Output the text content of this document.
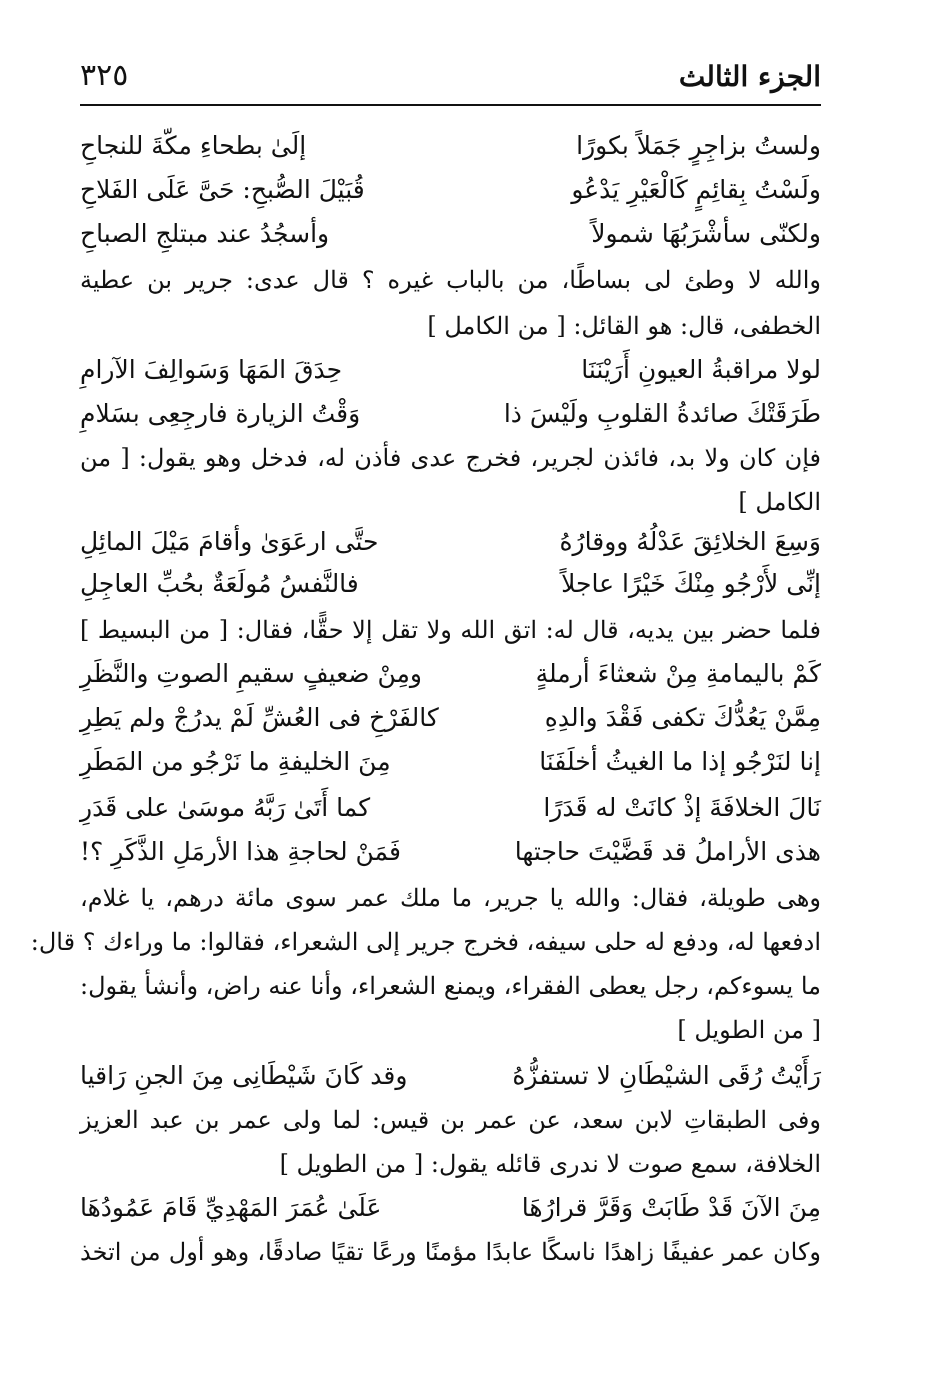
الجزء الثالث
٣٢٥
ولستُ بزاجِرٍ جَمَلاً بكورًا
إلَىٰ بطحاءِ مكّةَ للنجاحِ
ولَسْتُ بِقائِمٍ كَالْعَيْرِ يَدْعُو
قُبَيْلَ الصُّبحِ: حَىَّ عَلَى الفَلاحِ
ولكنّى سأشْرَبُهَا شمولاً
وأسجُدُ عند مبتلجِ الصباحِ
والله لا وطئ لى بساطًا، من بالباب غيره ؟ قال عدى: جرير بن عطية
الخطفى، قال: هو القائل: [ من الكامل ]
لولا مراقبةُ العيونِ أَرَيْنَنَا
حِدَقَ المَهَا وَسَوالِفَ الآرامِ
طَرَقَتْكَ صائدةُ القلوبِ ولَيْسَ ذا
وَقْتُ الزيارة فارجِعِى بسَلامِ
فإن كان ولا بد، فائذن لجرير، فخرج عدى فأذن له، فدخل وهو يقول: [ من
الكامل ]
وَسِعَ الخلائِقَ عَدْلُهُ ووقارُهُ
حتَّى ارعَوَىٰ وأقامَ مَيْلَ المائِلِ
إنِّى لأَرْجُو مِنْكَ خَيْرًا عاجلاً
فالنَّفسُ مُولَعَةٌ بحُبِّ العاجِلِ
فلما حضر بين يديه، قال له: اتق الله ولا تقل إلا حقًّا، فقال: [ من البسيط ]
كَمْ باليمامةِ مِنْ شعثاءَ أرملةٍ
ومِنْ ضعيفٍ سقيمِ الصوتِ والنَّظَرِ
مِمَّنْ يَعُدُّكَ تكفى فَقْدَ والدِهِ
كالفَرْخِ فى العُشِّ لَمْ يدرُجْ ولم يَطِرِ
إنا لنَرْجُو إذا ما الغيثُ أخلَفَنَا
مِنَ الخليفةِ ما نَرْجُو من المَطَرِ
نَالَ الخلافَةَ إذْ كانَتْ له قَدَرًا
كما أَتَىٰ رَبَّهُ موسَىٰ على قَدَرِ
هذى الأراملُ قد قَضَّيْتَ حاجتها
فَمَنْ لحاجةِ هذا الأرمَلِ الذَّكَرِ ؟!
وهى طويلة، فقال: والله يا جرير، ما ملك عمر سوى مائة درهم، يا غلام،
ادفعها له، ودفع له حلى سيفه، فخرج جرير إلى الشعراء، فقالوا: ما وراءك ؟ قال:
ما يسوءكم، رجل يعطى الفقراء، ويمنع الشعراء، وأنا عنه راض، وأنشأ يقول:
[ من الطويل ]
رَأَيْتُ رُقَى الشيْطَانِ لا تستفزُّهُ
وقد كَانَ شَيْطَانِى مِنَ الجنِ رَاقيا
وفى الطبقاتِ لابن سعد، عن عمر بن قيس: لما ولى عمر بن عبد العزيز
الخلافة، سمع صوت لا ندرى قائله يقول: [ من الطويل ]
مِنَ الآنَ قَدْ طَابَتْ وَقَرَّ قرارُهَا
عَلَىٰ عُمَرَ المَهْدِيِّ قَامَ عَمُودُهَا
وكان عمر عفيفًا زاهدًا ناسكًا عابدًا مؤمنًا ورعًا تقيًا صادقًا، وهو أول من اتخذ
